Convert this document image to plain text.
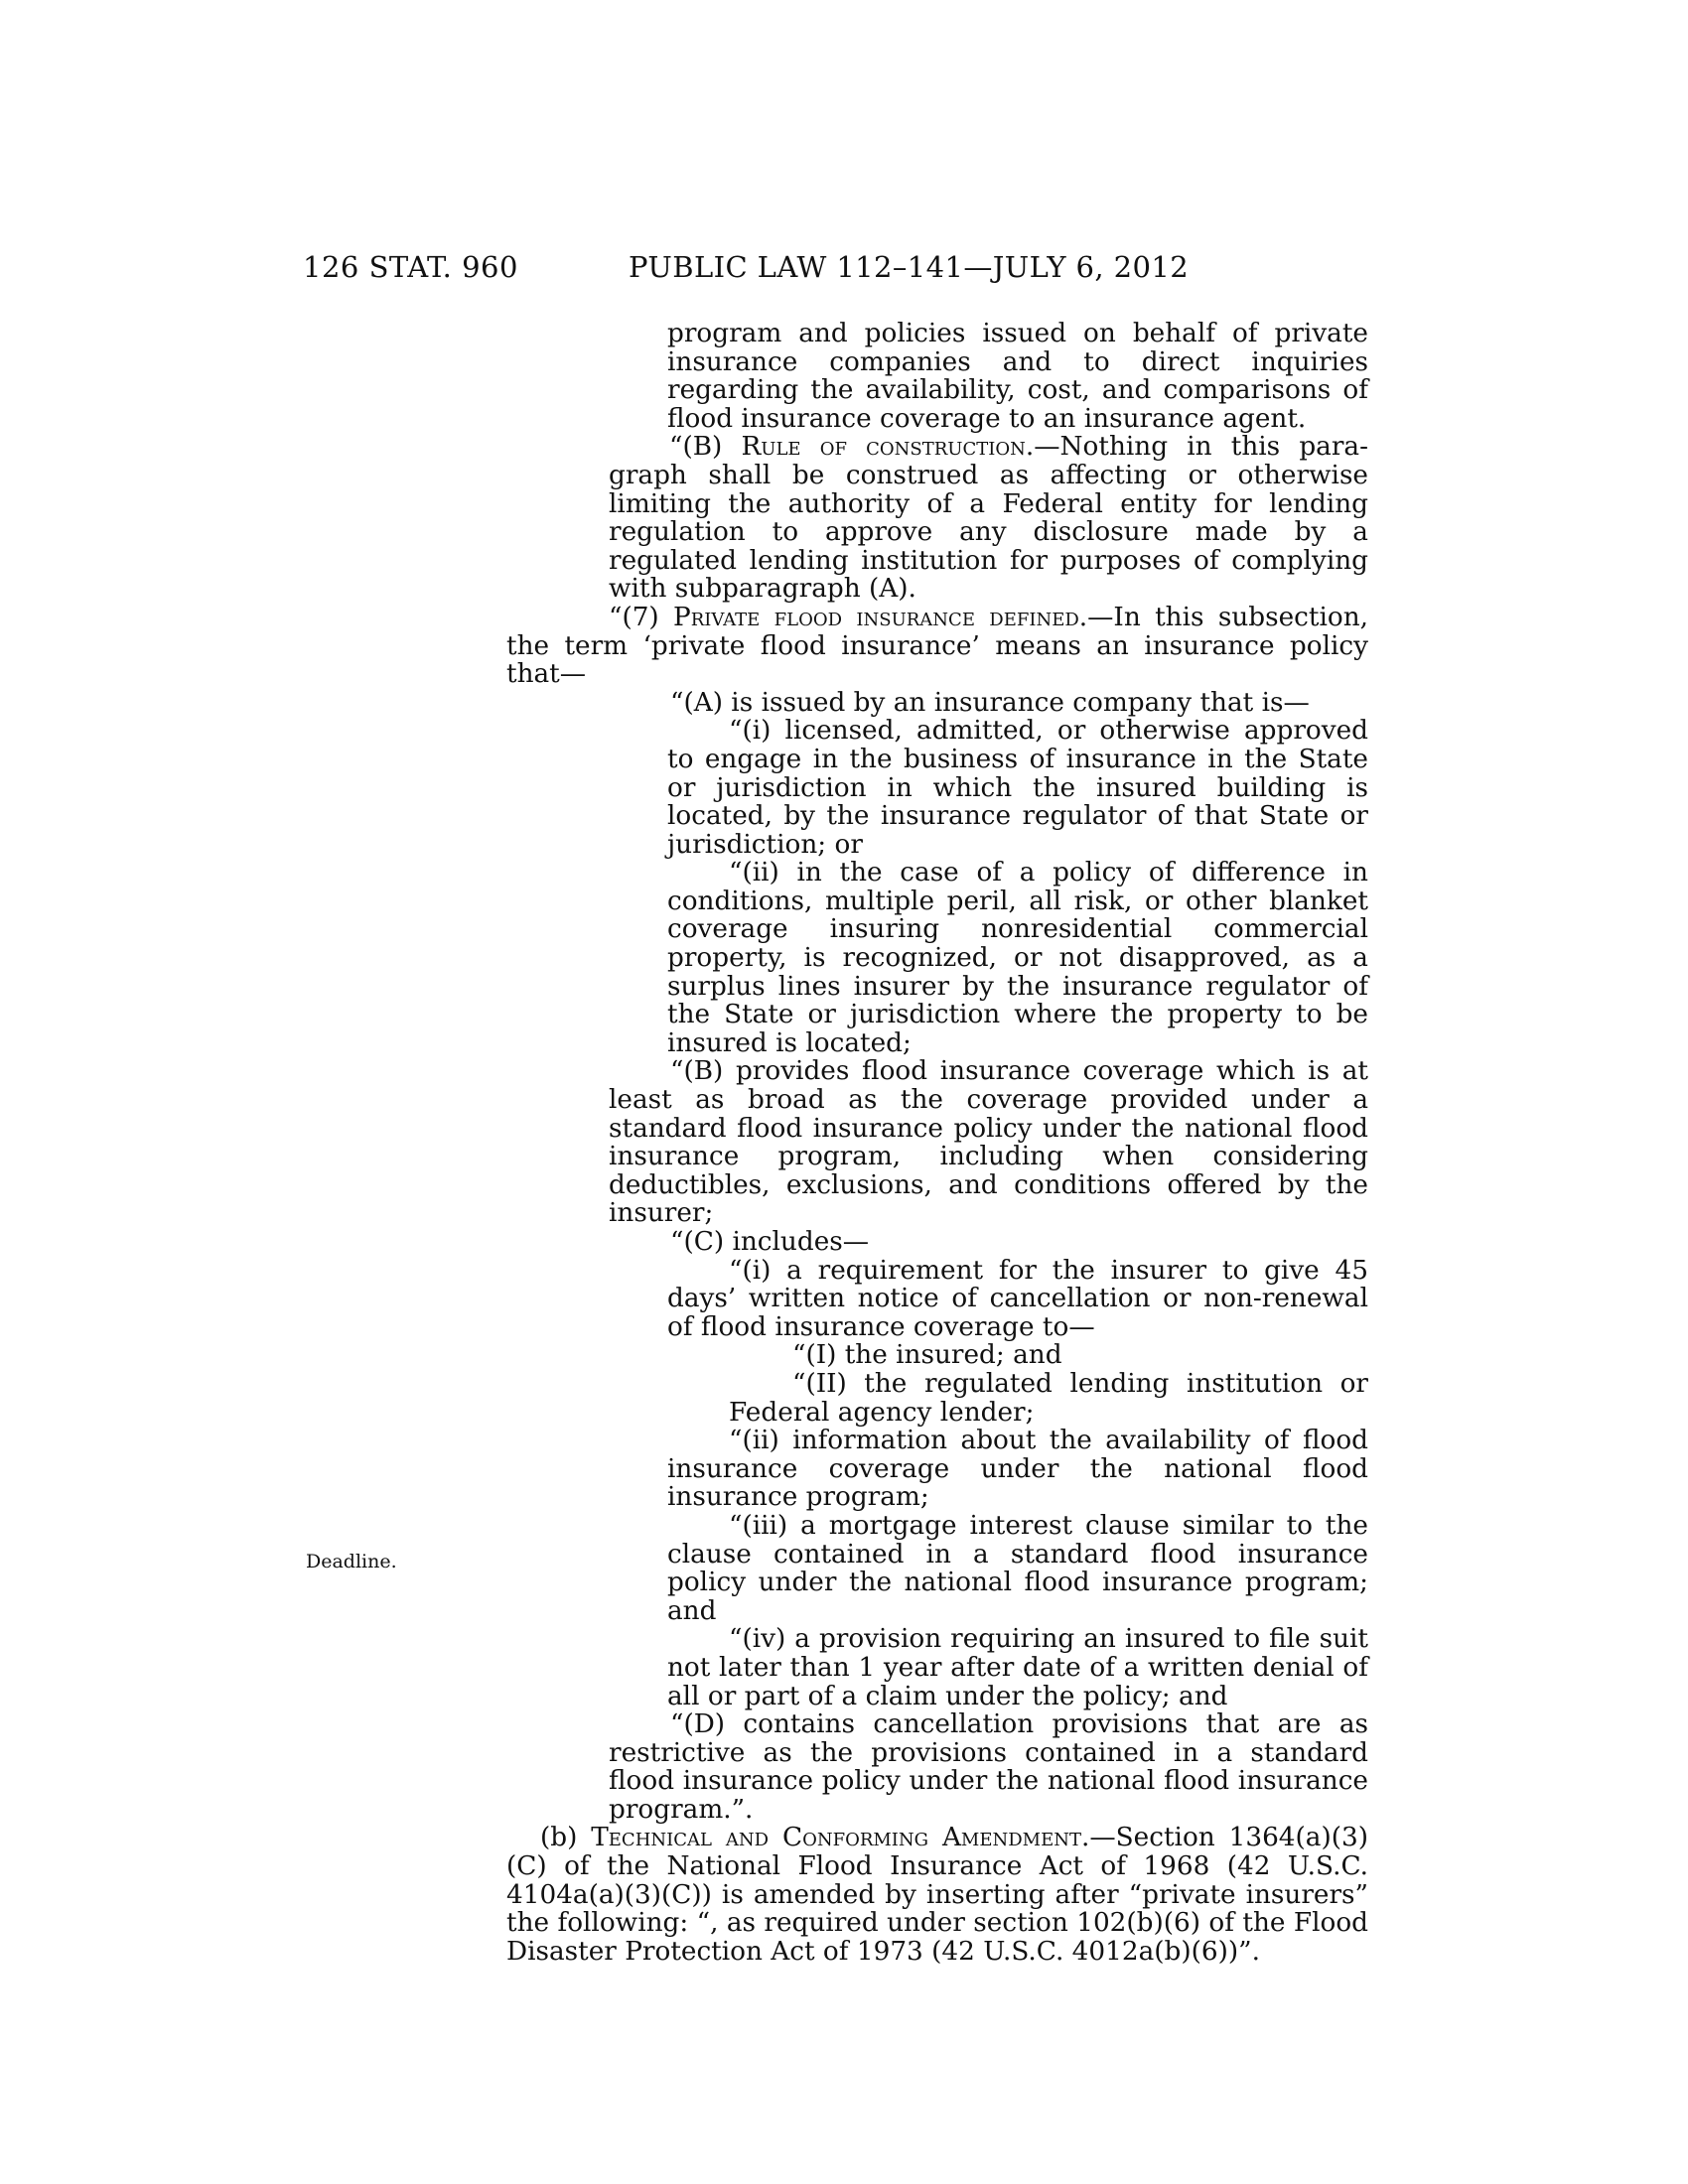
126 STAT. 960	PUBLIC LAW 112–141—JULY 6, 2012
Deadline.

program and policies issued on behalf of private insurance companies and to direct inquiries regarding the availability, cost, and comparisons of flood insurance coverage to an insurance agent.

“(B) Rule of construction.—Nothing in this paragraph shall be construed as affecting or otherwise limiting the authority of a Federal entity for lending regulation to approve any disclosure made by a regulated lending institution for purposes of complying with subparagraph (A).

“(7) Private flood insurance defined.—In this subsection, the term ‘private flood insurance’ means an insurance policy that—

“(A) is issued by an insurance company that is—

“(i) licensed, admitted, or otherwise approved to engage in the business of insurance in the State or jurisdiction in which the insured building is located, by the insurance regulator of that State or jurisdiction; or

“(ii) in the case of a policy of difference in conditions, multiple peril, all risk, or other blanket coverage insuring nonresidential commercial property, is recognized, or not disapproved, as a surplus lines insurer by the insurance regulator of the State or jurisdiction where the property to be insured is located;

“(B) provides flood insurance coverage which is at least as broad as the coverage provided under a standard flood insurance policy under the national flood insurance program, including when considering deductibles, exclusions, and conditions offered by the insurer;

“(C) includes—

“(i) a requirement for the insurer to give 45 days’ written notice of cancellation or non-renewal of flood insurance coverage to—

“(I) the insured; and

“(II) the regulated lending institution or Federal agency lender;

“(ii) information about the availability of flood insurance coverage under the national flood insurance program;

“(iii) a mortgage interest clause similar to the clause contained in a standard flood insurance policy under the national flood insurance program; and

“(iv) a provision requiring an insured to file suit not later than 1 year after date of a written denial of all or part of a claim under the policy; and

“(D) contains cancellation provisions that are as restrictive as the provisions contained in a standard flood insurance policy under the national flood insurance program.”.

(b) Technical and Conforming Amendment.—Section 1364(a)(3)(C) of the National Flood Insurance Act of 1968 (42 U.S.C. 4104a(a)(3)(C)) is amended by inserting after “private insurers” the following: “, as required under section 102(b)(6) of the Flood Disaster Protection Act of 1973 (42 U.S.C. 4012a(b)(6))”.
